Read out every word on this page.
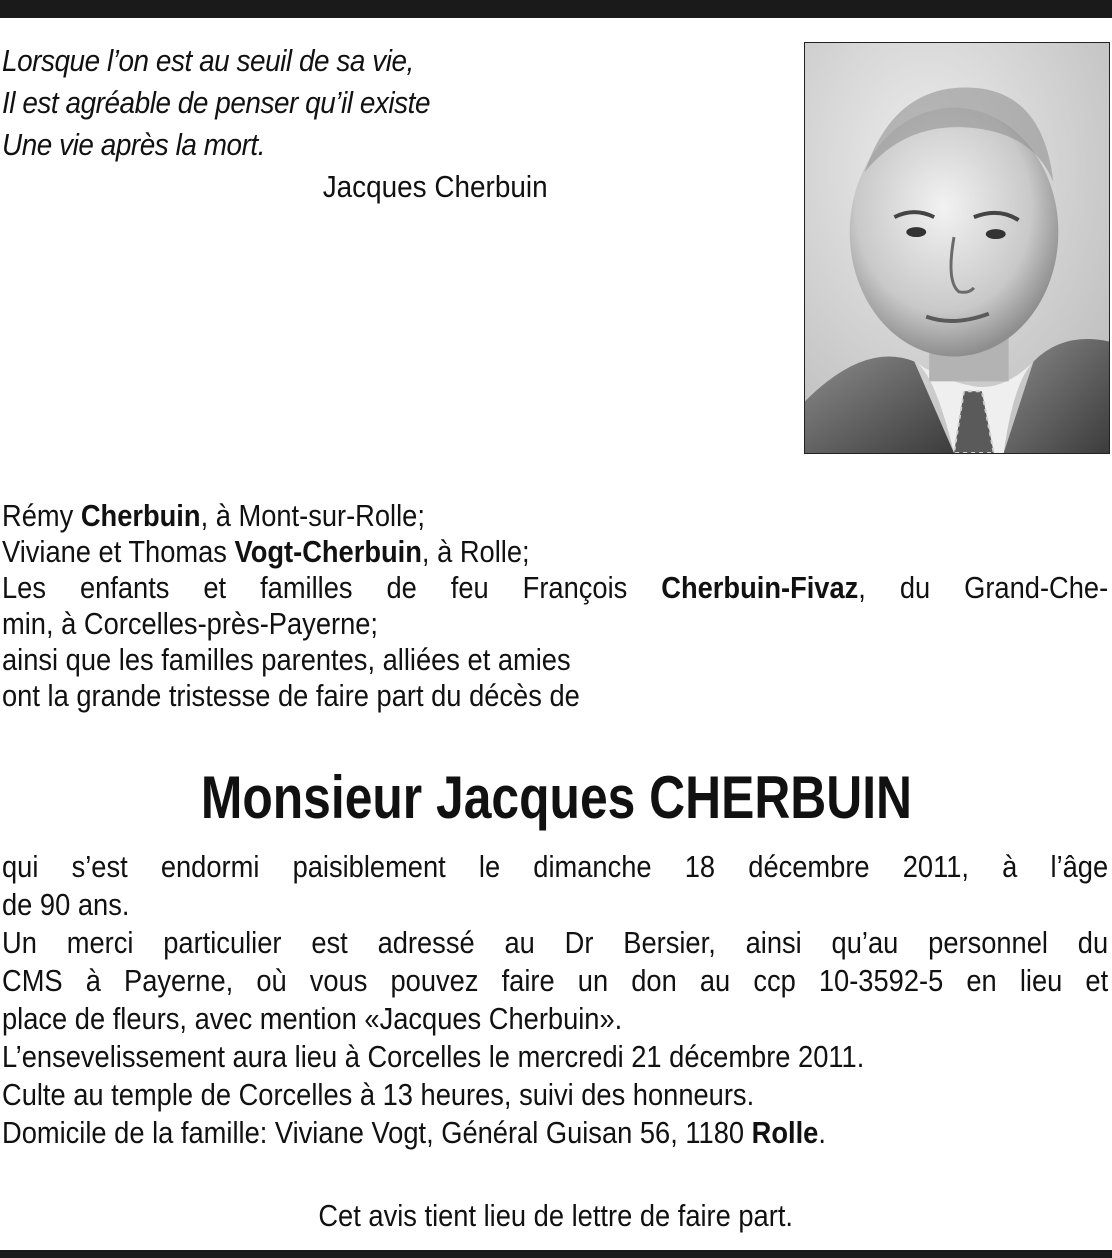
Lorsque l’on est au seuil de sa vie,
Il est agréable de penser qu’il existe
Une vie après la mort.
Jacques Cherbuin
Rémy Cherbuin, à Mont-sur-Rolle;
Viviane et Thomas Vogt-Cherbuin, à Rolle;
Les enfants et familles de feu François Cherbuin-Fivaz, du Grand-Che-
min, à Corcelles-près-Payerne;
ainsi que les familles parentes, alliées et amies
ont la grande tristesse de faire part du décès de
Monsieur Jacques CHERBUIN
qui s’est endormi paisiblement le dimanche 18 décembre 2011, à l’âge
de 90 ans.
Un merci particulier est adressé au Dr Bersier, ainsi qu’au personnel du
CMS à Payerne, où vous pouvez faire un don au ccp 10-3592-5 en lieu et
place de fleurs, avec mention «Jacques Cherbuin».
L’ensevelissement aura lieu à Corcelles le mercredi 21 décembre 2011.
Culte au temple de Corcelles à 13 heures, suivi des honneurs.
Domicile de la famille: Viviane Vogt, Général Guisan 56, 1180 Rolle.
Cet avis tient lieu de lettre de faire part.
